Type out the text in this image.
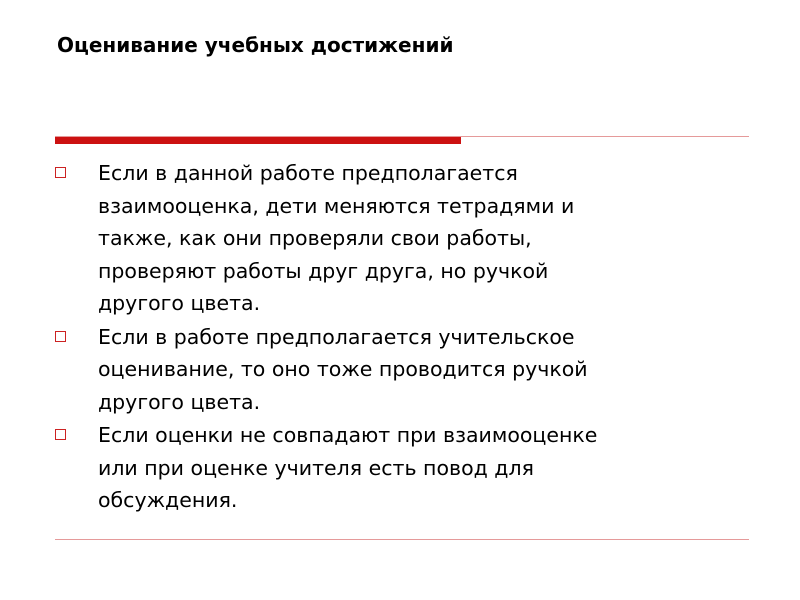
Оценивание учебных достижений
Если в данной работе предполагается
взаимооценка, дети меняются тетрадями и
также, как они проверяли свои работы,
проверяют работы друг друга, но ручкой
другого цвета.
Если в работе предполагается учительское
оценивание, то оно тоже проводится ручкой
другого цвета.
Если оценки не совпадают при взаимооценке
или при оценке учителя есть повод для
обсуждения.
